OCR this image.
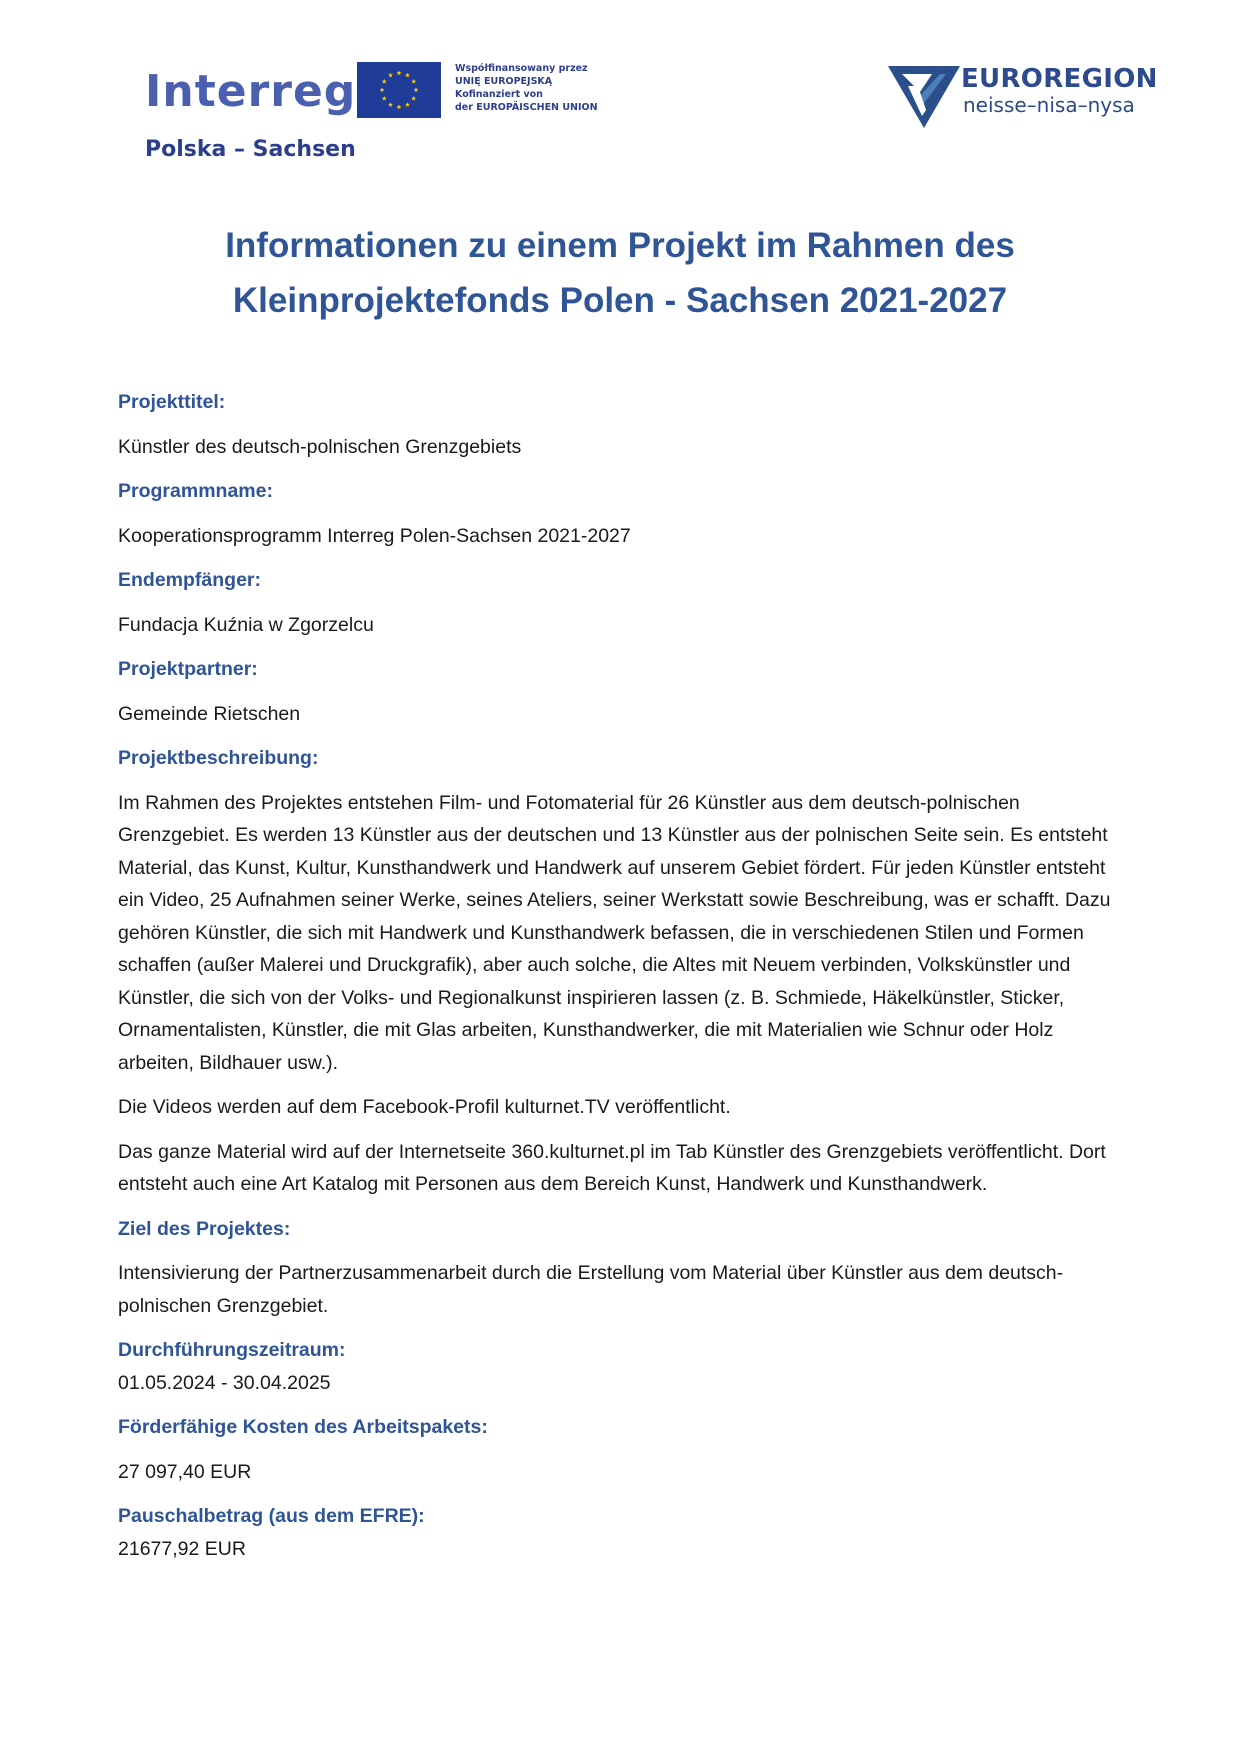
Interreg
Polska – Sachsen
Współfinansowany przez
UNIĘ EUROPEJSKĄ
Kofinanziert von
der EUROPÄISCHEN UNION
EUROREGION
neisse–nisa–nysa
Informationen zu einem Projekt im Rahmen des
Kleinprojektefonds Polen - Sachsen 2021-2027
Projekttitel:
Künstler des deutsch-polnischen Grenzgebiets
Programmname:
Kooperationsprogramm Interreg Polen-Sachsen 2021-2027
Endempfänger:
Fundacja Kuźnia w Zgorzelcu
Projektpartner:
Gemeinde Rietschen
Projektbeschreibung:
Im Rahmen des Projektes entstehen Film- und Fotomaterial für 26 Künstler aus dem deutsch-polnischen Grenzgebiet. Es werden 13 Künstler aus der deutschen und 13 Künstler aus der polnischen Seite sein. Es entsteht Material, das Kunst, Kultur, Kunsthandwerk und Handwerk auf unserem Gebiet fördert. Für jeden Künstler entsteht ein Video, 25 Aufnahmen seiner Werke, seines Ateliers, seiner Werkstatt sowie Beschreibung, was er schafft. Dazu gehören Künstler, die sich mit Handwerk und Kunsthandwerk befassen, die in verschiedenen Stilen und Formen schaffen (außer Malerei und Druckgrafik), aber auch solche, die Altes mit Neuem verbinden, Volkskünstler und Künstler, die sich von der Volks- und Regionalkunst inspirieren lassen (z. B. Schmiede, Häkelkünstler, Sticker, Ornamentalisten, Künstler, die mit Glas arbeiten, Kunsthandwerker, die mit Materialien wie Schnur oder Holz arbeiten, Bildhauer usw.).
Die Videos werden auf dem Facebook-Profil kulturnet.TV veröffentlicht.
Das ganze Material wird auf der Internetseite 360.kulturnet.pl im Tab Künstler des Grenzgebiets veröffentlicht. Dort entsteht auch eine Art Katalog mit Personen aus dem Bereich Kunst, Handwerk und Kunsthandwerk.
Ziel des Projektes:
Intensivierung der Partnerzusammenarbeit durch die Erstellung vom Material über Künstler aus dem deutsch-polnischen Grenzgebiet.
Durchführungszeitraum:
01.05.2024 - 30.04.2025
Förderfähige Kosten des Arbeitspakets:
27 097,40 EUR
Pauschalbetrag (aus dem EFRE):
21677,92 EUR
